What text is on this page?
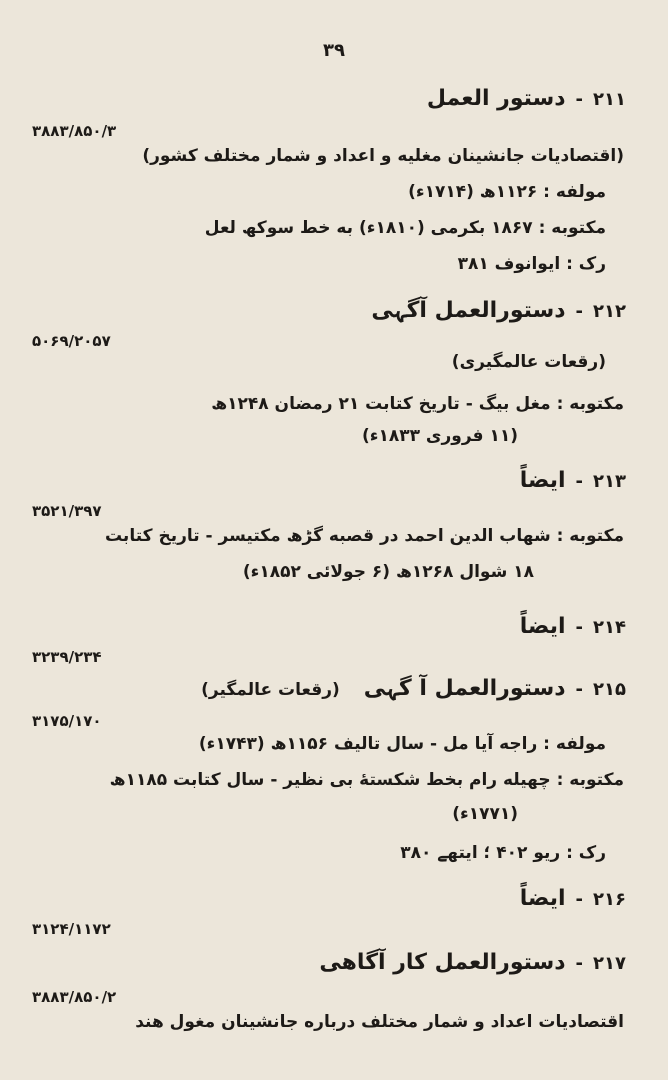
۳۹
۲۱۱
-
دستور العمل
۳۸۸۳/۸۵۰/۳
(اقتصادیات جانشینان مغلیه و اعداد و شمار مختلف کشور)
مولفه : ۱۱۲۶ھ (۱۷۱۴ء)
مکتوبه : ۱۸۶۷ بکرمی (۱۸۱۰ء) به خط سوکھ لعل
رک : ایوانوف ۳۸۱
۲۱۲
-
دستورالعمل آگہی
۵۰۶۹/۲۰۵۷
(رقعات عالمگیری)
مکتوبه : مغل بیگ - تاریخ کتابت ۲۱ رمضان ۱۲۴۸ھ
(۱۱ فروری ۱۸۳۳ء)
۲۱۳
-
ایضاً
۳۵۲۱/۳۹۷
مکتوبه : شهاب الدین احمد در قصبه گڑھ مکتیسر - تاریخ کتابت
۱۸ شوال ۱۲۶۸ھ (۶ جولائی ۱۸۵۲ء)
۲۱۴
-
ایضاً
۳۲۳۹/۲۳۴
۲۱۵
-
دستورالعمل آ گہی
(رقعات عالمگیر)
۳۱۷۵/۱۷۰
مولفه : راجه آیا مل - سال تالیف ۱۱۵۶ھ (۱۷۴۳ء)
مکتوبه : چهیله رام بخط شکسته‌ٔ بی نظیر - سال کتابت ۱۱۸۵ھ
(۱۷۷۱ء)
رک : ریو ۴۰۲ ؛ ایتھے ۳۸۰
۲۱۶
-
ایضاً
۳۱۲۴/۱۱۷۲
۲۱۷
-
دستورالعمل کار آگاهی
۳۸۸۳/۸۵۰/۲
اقتصادیات اعداد و شمار مختلف درباره جانشینان مغول هند
